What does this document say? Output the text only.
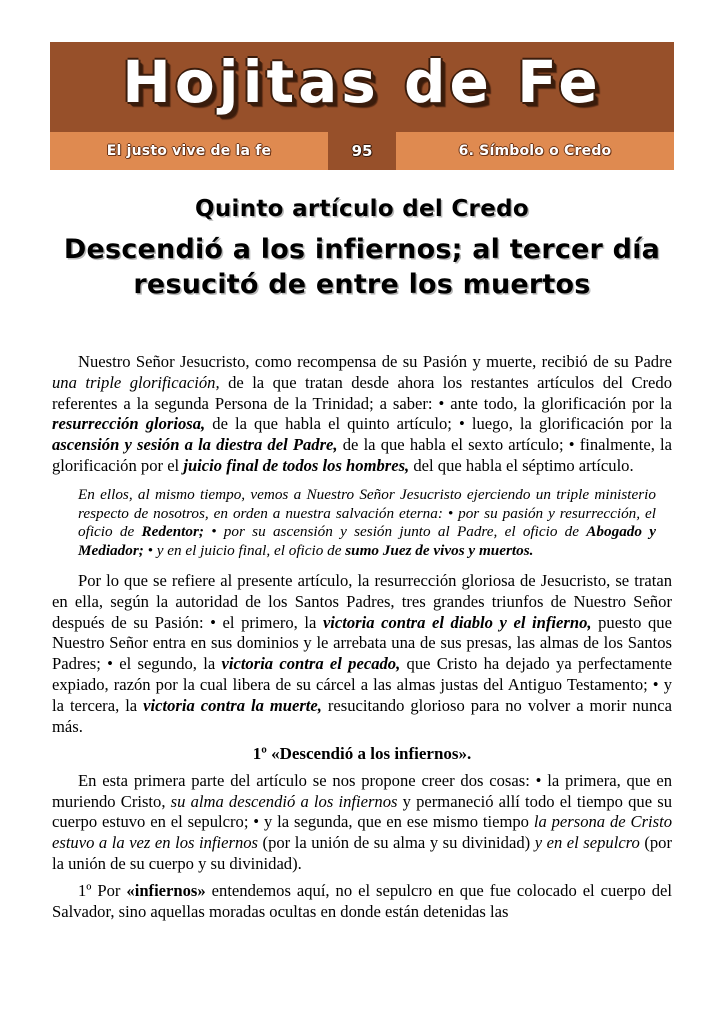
Hojitas de Fe
El justo vive de la fe	95	6. Símbolo o Credo
Quinto artículo del Credo
Descendió a los infiernos; al tercer día resucitó de entre los muertos

Nuestro Señor Jesucristo, como recompensa de su Pasión y muerte, recibió de su Padre una triple glorificación, de la que tratan desde ahora los restantes artículos del Credo referentes a la segunda Persona de la Trinidad; a saber: • ante todo, la glorificación por la resurrección gloriosa, de la que habla el quinto artículo; • luego, la glorificación por la ascensión y sesión a la diestra del Padre, de la que habla el sexto artículo; • finalmente, la glorificación por el juicio final de todos los hombres, del que habla el séptimo artículo.

En ellos, al mismo tiempo, vemos a Nuestro Señor Jesucristo ejerciendo un triple ministerio respecto de nosotros, en orden a nuestra salvación eterna: • por su pasión y resurrección, el oficio de Redentor; • por su ascensión y sesión junto al Padre, el oficio de Abogado y Mediador; • y en el juicio final, el oficio de sumo Juez de vivos y muertos.

Por lo que se refiere al presente artículo, la resurrección gloriosa de Jesucristo, se tratan en ella, según la autoridad de los Santos Padres, tres grandes triunfos de Nuestro Señor después de su Pasión: • el primero, la victoria contra el diablo y el infierno, puesto que Nuestro Señor entra en sus dominios y le arrebata una de sus presas, las almas de los Santos Padres; • el segundo, la victoria contra el pecado, que Cristo ha dejado ya perfectamente expiado, razón por la cual libera de su cárcel a las almas justas del Antiguo Testamento; • y la tercera, la victoria contra la muerte, resucitando glorioso para no volver a morir nunca más.

1º «Descendió a los infiernos».

En esta primera parte del artículo se nos propone creer dos cosas: • la primera, que en muriendo Cristo, su alma descendió a los infiernos y permaneció allí todo el tiempo que su cuerpo estuvo en el sepulcro; • y la segunda, que en ese mismo tiempo la persona de Cristo estuvo a la vez en los infiernos (por la unión de su alma y su divinidad) y en el sepulcro (por la unión de su cuerpo y su divinidad).

1º Por «infiernos» entendemos aquí, no el sepulcro en que fue colocado el cuerpo del Salvador, sino aquellas moradas ocultas en donde están detenidas las
